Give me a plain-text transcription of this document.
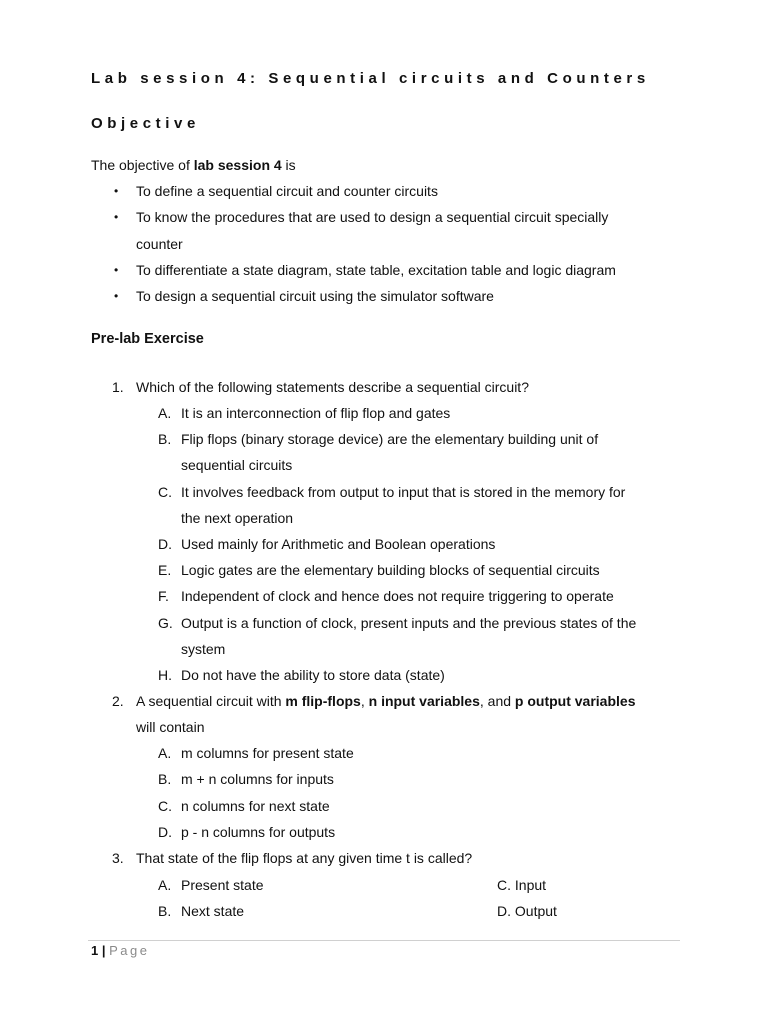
Lab session 4: Sequential circuits and Counters
Objective
The objective of lab session 4 is
• To define a sequential circuit and counter circuits
• To know the procedures that are used to design a sequential circuit specially
counter
• To differentiate a state diagram, state table, excitation table and logic diagram
• To design a sequential circuit using the simulator software
Pre-lab Exercise
1. Which of the following statements describe a sequential circuit?
A. It is an interconnection of flip flop and gates
B. Flip flops (binary storage device) are the elementary building unit of
sequential circuits
C. It involves feedback from output to input that is stored in the memory for
the next operation
D. Used mainly for Arithmetic and Boolean operations
E. Logic gates are the elementary building blocks of sequential circuits
F. Independent of clock and hence does not require triggering to operate
G. Output is a function of clock, present inputs and the previous states of the
system
H. Do not have the ability to store data (state)
2. A sequential circuit with m flip-flops, n input variables, and p output variables
will contain
A. m columns for present state
B. m + n columns for inputs
C. n columns for next state
D. p - n columns for outputs
3. That state of the flip flops at any given time t is called?
A. Present state	C. Input
B. Next state	D. Output
1 | Page
